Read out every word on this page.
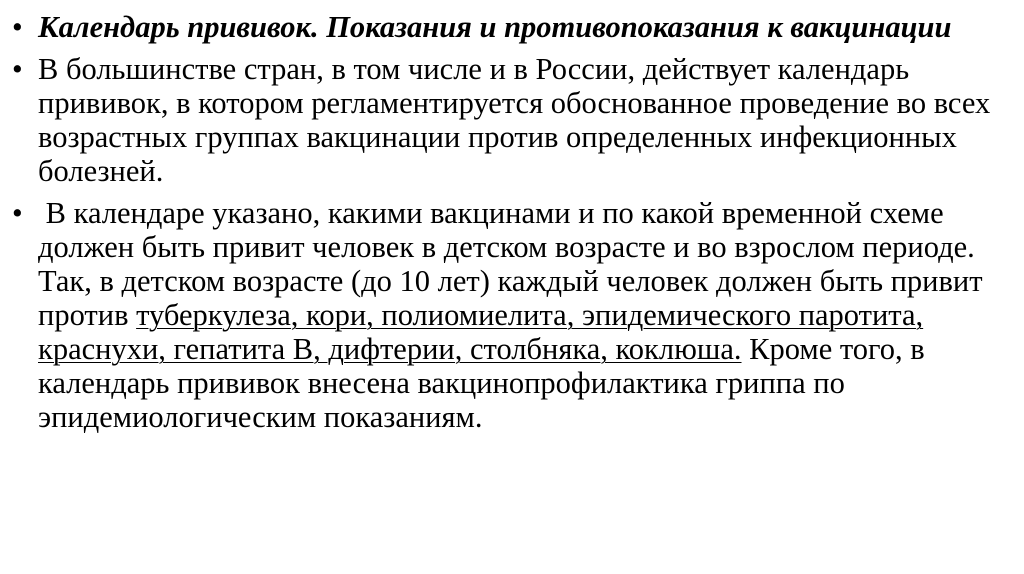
• Календарь прививок. Показания и противопоказания к вакцинации
• В большинстве стран, в том числе и в России, действует календарь прививок, в котором регламентируется обоснованное проведение во всех возрастных группах вакцинации против определенных инфекционных болезней.
• В календаре указано, какими вакцинами и по какой временной схеме должен быть привит человек в детском возрасте и во взрослом периоде. Так, в детском возрасте (до 10 лет) каждый человек должен быть привит против туберкулеза, кори, полиомиелита, эпидемического паротита, краснухи, гепатита В, дифтерии, столбняка, коклюша. Кроме того, в календарь прививок внесена вакцинопрофилактика гриппа по эпидемиологическим показаниям.
